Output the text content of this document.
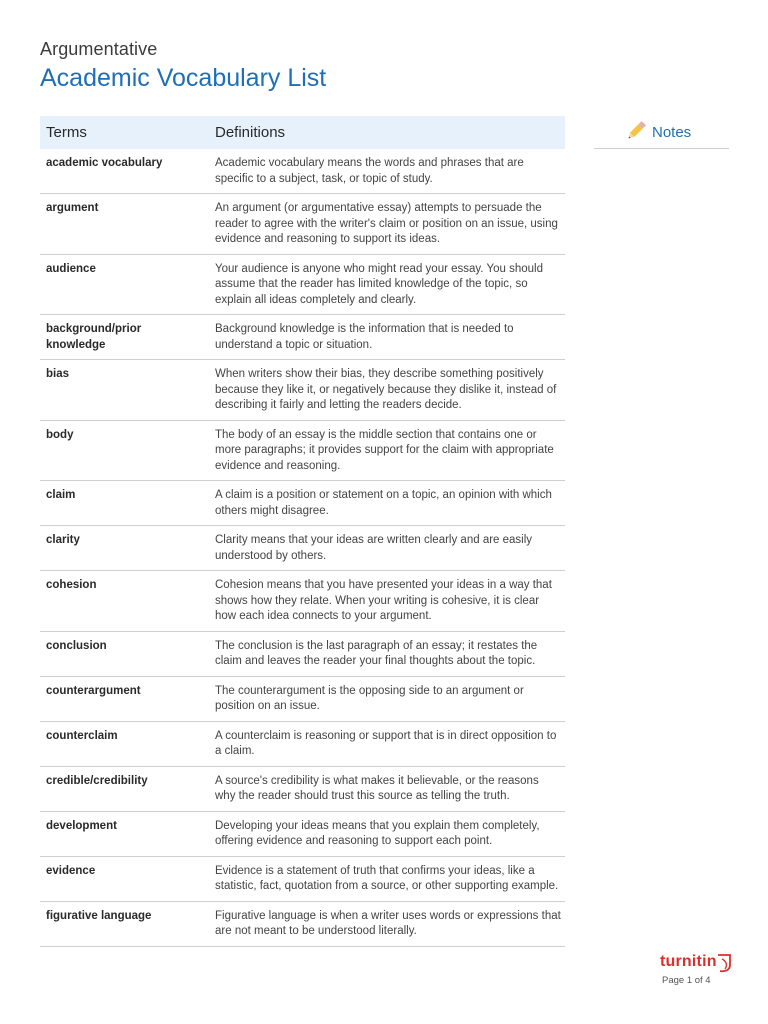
Argumentative
Academic Vocabulary List
Terms	Definitions
academic vocabulary	Academic vocabulary means the words and phrases that are specific to a subject, task, or topic of study.
argument	An argument (or argumentative essay) attempts to persuade the reader to agree with the writer's claim or position on an issue, using evidence and reasoning to support its ideas.
audience	Your audience is anyone who might read your essay. You should assume that the reader has limited knowledge of the topic, so explain all ideas completely and clearly.
background/prior knowledge	Background knowledge is the information that is needed to understand a topic or situation.
bias	When writers show their bias, they describe something positively because they like it, or negatively because they dislike it, instead of describing it fairly and letting the readers decide.
body	The body of an essay is the middle section that contains one or more paragraphs; it provides support for the claim with appropriate evidence and reasoning.
claim	A claim is a position or statement on a topic, an opinion with which others might disagree.
clarity	Clarity means that your ideas are written clearly and are easily understood by others.
cohesion	Cohesion means that you have presented your ideas in a way that shows how they relate. When your writing is cohesive, it is clear how each idea connects to your argument.
conclusion	The conclusion is the last paragraph of an essay; it restates the claim and leaves the reader your final thoughts about the topic.
counterargument	The counterargument is the opposing side to an argument or position on an issue.
counterclaim	A counterclaim is reasoning or support that is in direct opposition to a claim.
credible/credibility	A source's credibility is what makes it believable, or the reasons why the reader should trust this source as telling the truth.
development	Developing your ideas means that you explain them completely, offering evidence and reasoning to support each point.
evidence	Evidence is a statement of truth that confirms your ideas, like a statistic, fact, quotation from a source, or other supporting example.
figurative language	Figurative language is when a writer uses words or expressions that are not meant to be understood literally.
Notes
turnitin
Page 1 of 4
